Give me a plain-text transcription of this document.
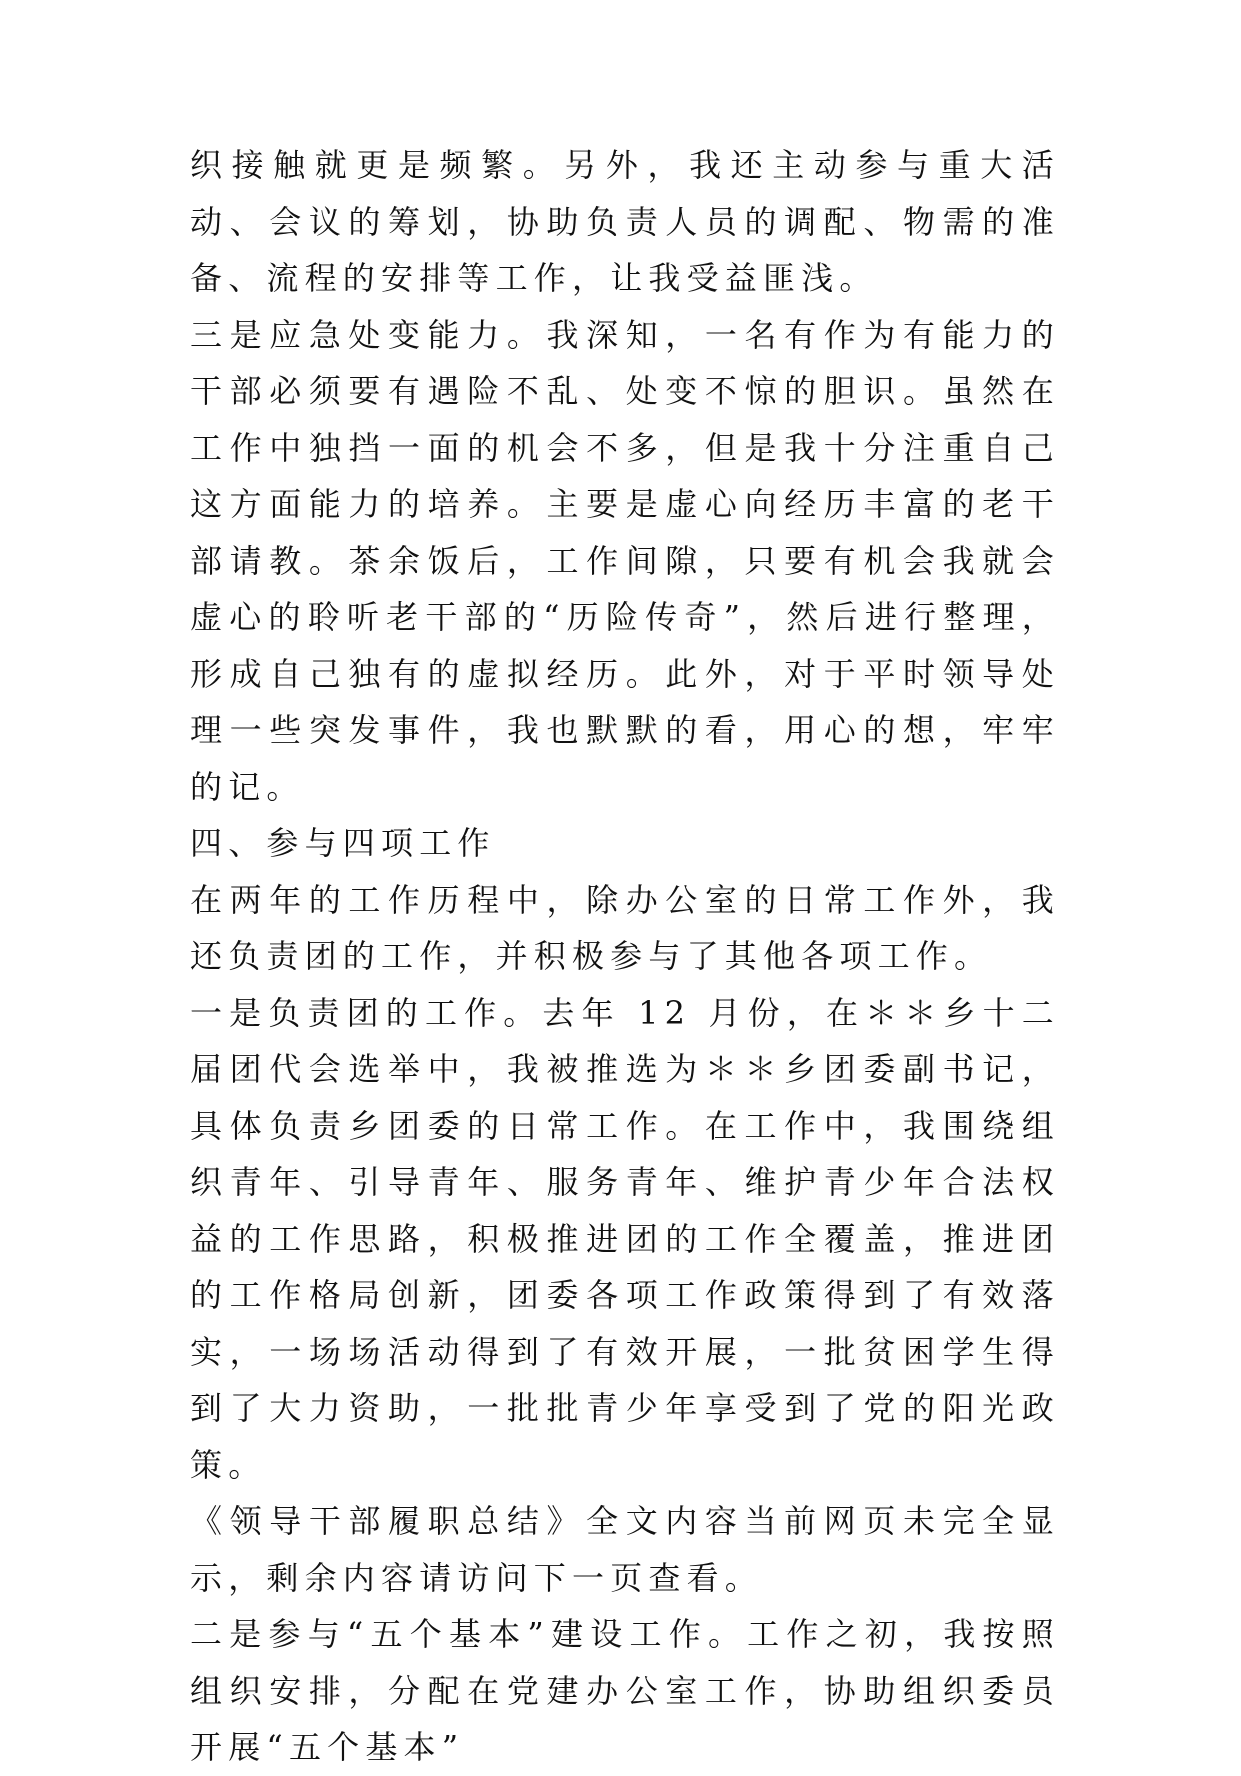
织接触就更是频繁。另外，我还主动参与重大活动、会议的筹划，协助负责人员的调配、物需的准备、流程的安排等工作，让我受益匪浅。

三是应急处变能力。我深知，一名有作为有能力的干部必须要有遇险不乱、处变不惊的胆识。虽然在工作中独挡一面的机会不多，但是我十分注重自己这方面能力的培养。主要是虚心向经历丰富的老干部请教。茶余饭后，工作间隙，只要有机会我就会虚心的聆听老干部的“历险传奇”，然后进行整理，形成自己独有的虚拟经历。此外，对于平时领导处理一些突发事件，我也默默的看，用心的想，牢牢的记。

四、参与四项工作

在两年的工作历程中，除办公室的日常工作外，我还负责团的工作，并积极参与了其他各项工作。

一是负责团的工作。去年 12 月份，在＊＊乡十二届团代会选举中，我被推选为＊＊乡团委副书记，具体负责乡团委的日常工作。在工作中，我围绕组织青年、引导青年、服务青年、维护青少年合法权益的工作思路，积极推进团的工作全覆盖，推进团的工作格局创新，团委各项工作政策得到了有效落实，一场场活动得到了有效开展，一批贫困学生得到了大力资助，一批批青少年享受到了党的阳光政策。

《领导干部履职总结》全文内容当前网页未完全显示，剩余内容请访问下一页查看。

二是参与“五个基本”建设工作。工作之初，我按照组织安排，分配在党建办公室工作，协助组织委员开展“五个基本”
